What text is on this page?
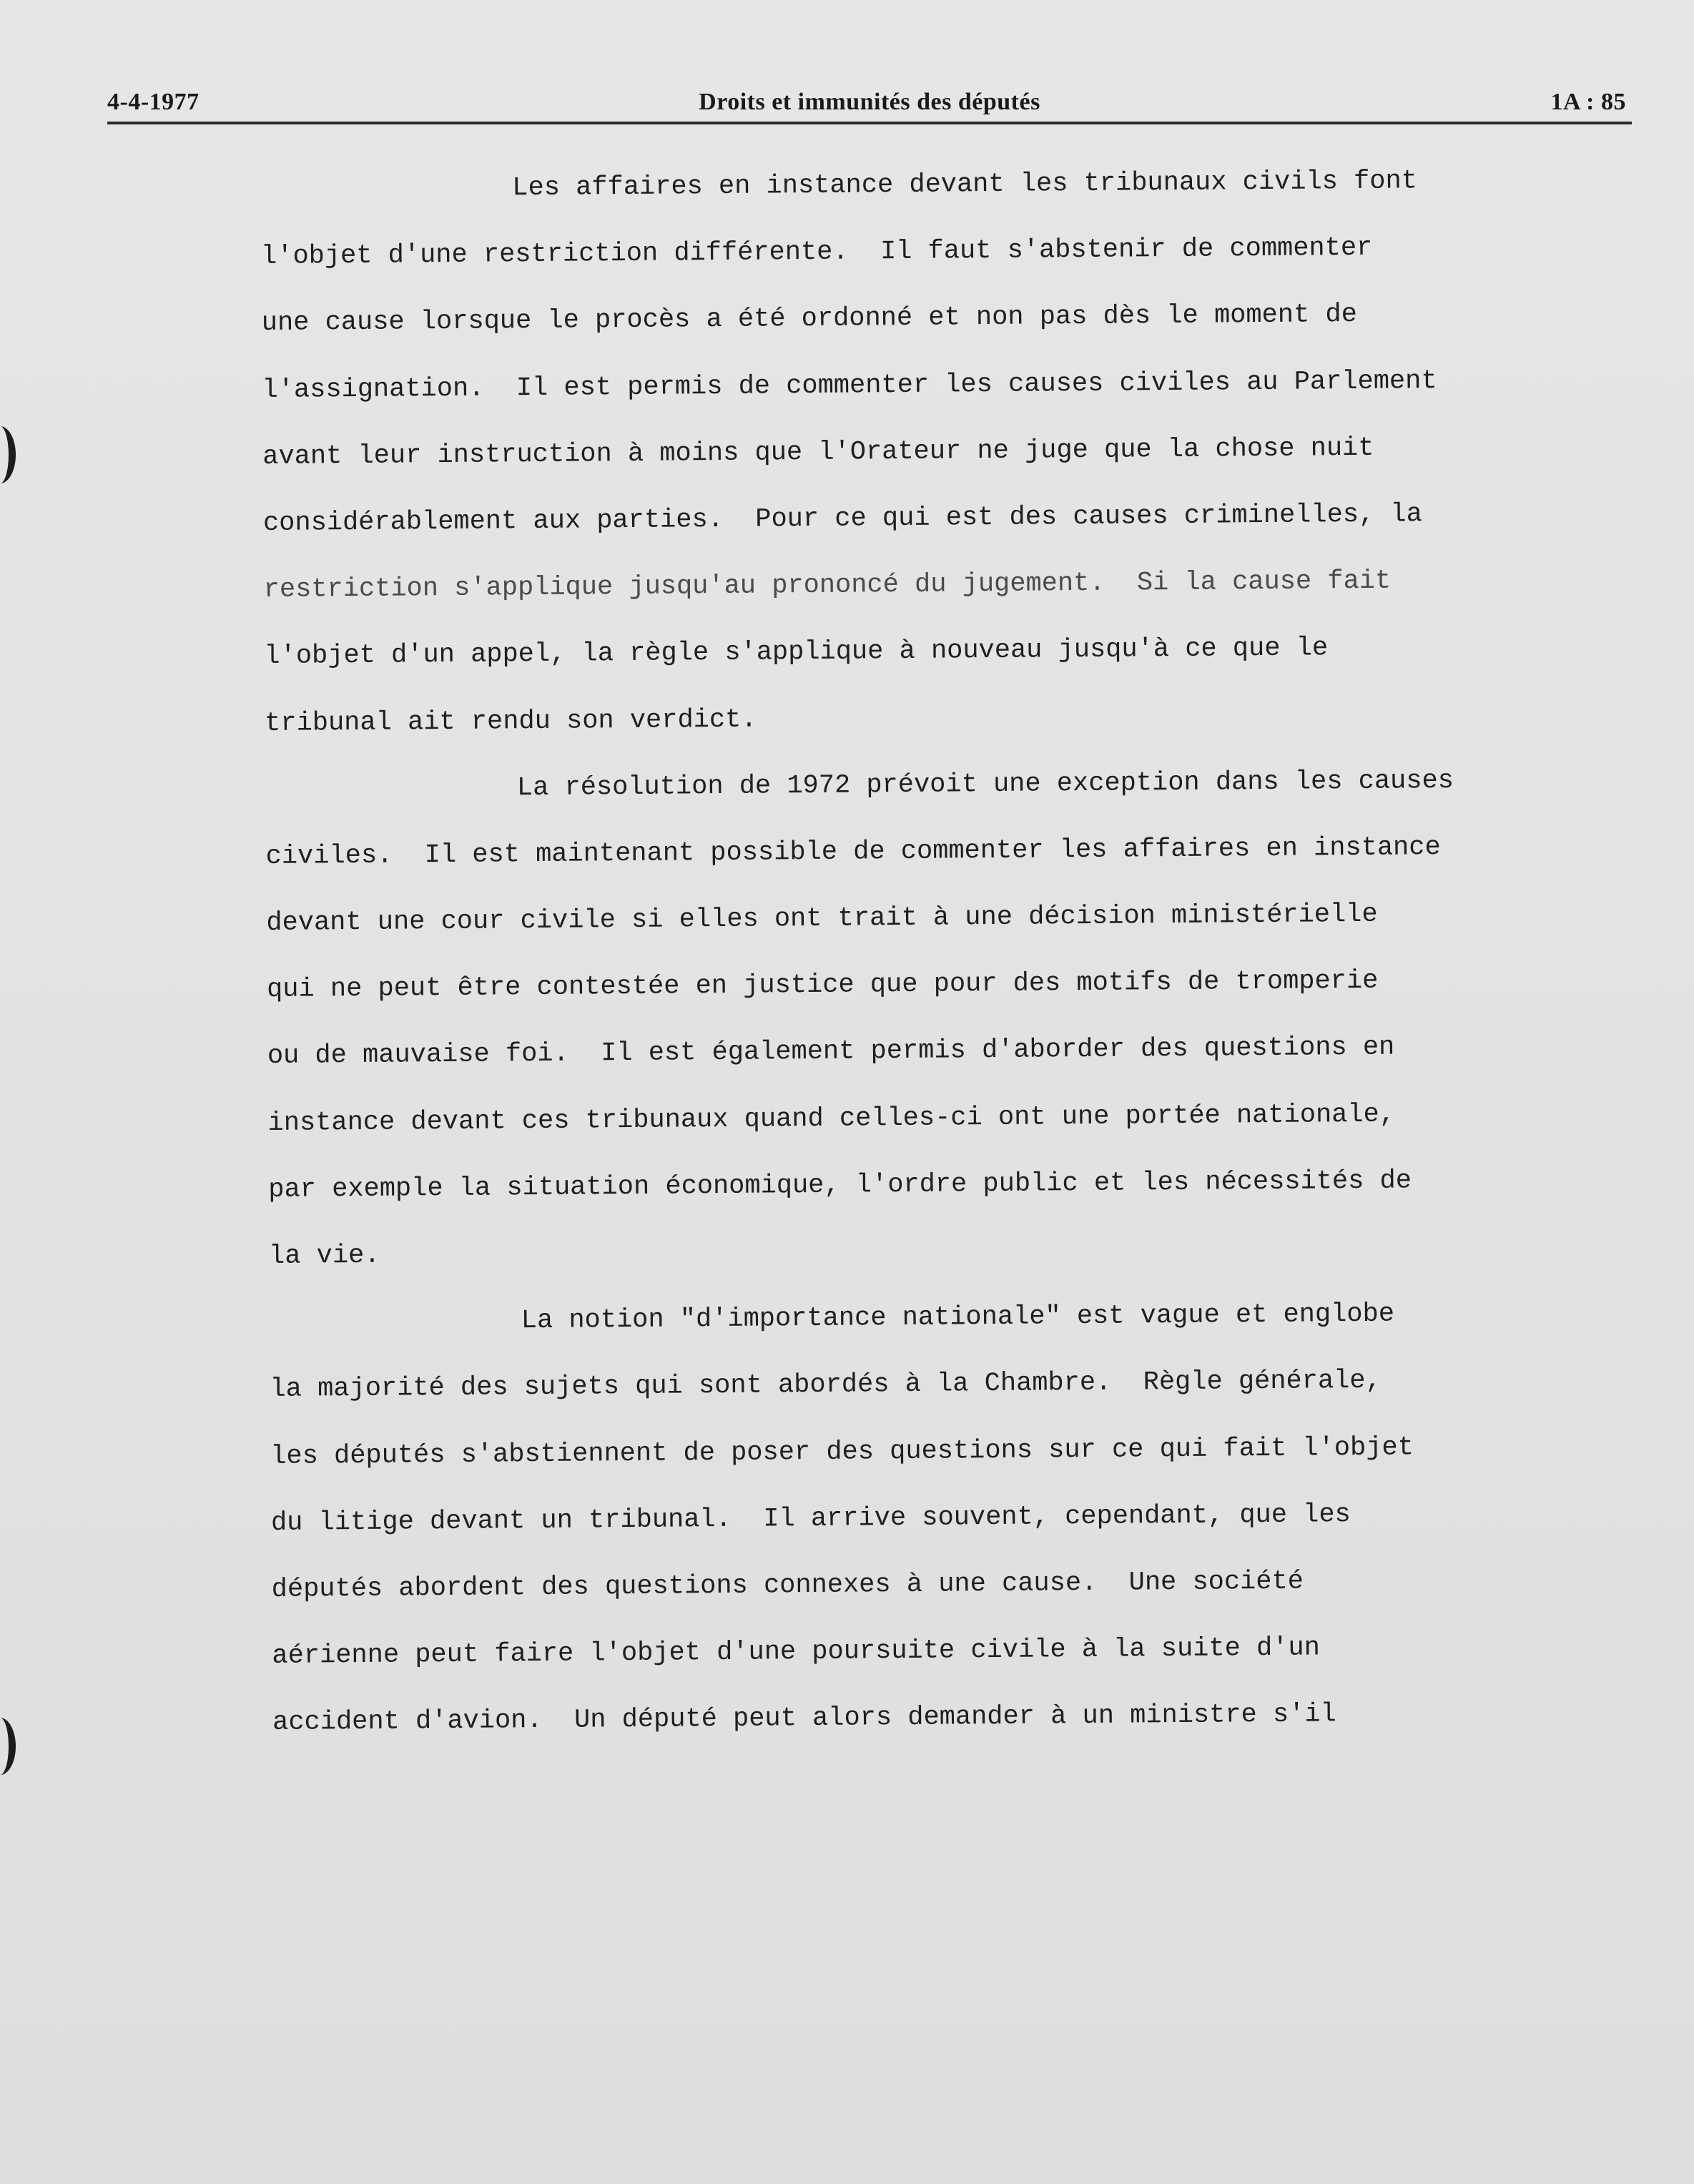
4-4-1977	Droits et immunités des députés	1A : 85
Les affaires en instance devant les tribunaux civils font
l'objet d'une restriction différente.  Il faut s'abstenir de commenter
une cause lorsque le procès a été ordonné et non pas dès le moment de
l'assignation.  Il est permis de commenter les causes civiles au Parlement
avant leur instruction à moins que l'Orateur ne juge que la chose nuit
considérablement aux parties.  Pour ce qui est des causes criminelles, la
restriction s'applique jusqu'au prononcé du jugement.  Si la cause fait
l'objet d'un appel, la règle s'applique à nouveau jusqu'à ce que le
tribunal ait rendu son verdict.
La résolution de 1972 prévoit une exception dans les causes
civiles.  Il est maintenant possible de commenter les affaires en instance
devant une cour civile si elles ont trait à une décision ministérielle
qui ne peut être contestée en justice que pour des motifs de tromperie
ou de mauvaise foi.  Il est également permis d'aborder des questions en
instance devant ces tribunaux quand celles-ci ont une portée nationale,
par exemple la situation économique, l'ordre public et les nécessités de
la vie.
La notion "d'importance nationale" est vague et englobe
la majorité des sujets qui sont abordés à la Chambre.  Règle générale,
les députés s'abstiennent de poser des questions sur ce qui fait l'objet
du litige devant un tribunal.  Il arrive souvent, cependant, que les
députés abordent des questions connexes à une cause.  Une société
aérienne peut faire l'objet d'une poursuite civile à la suite d'un
accident d'avion.  Un député peut alors demander à un ministre s'il
